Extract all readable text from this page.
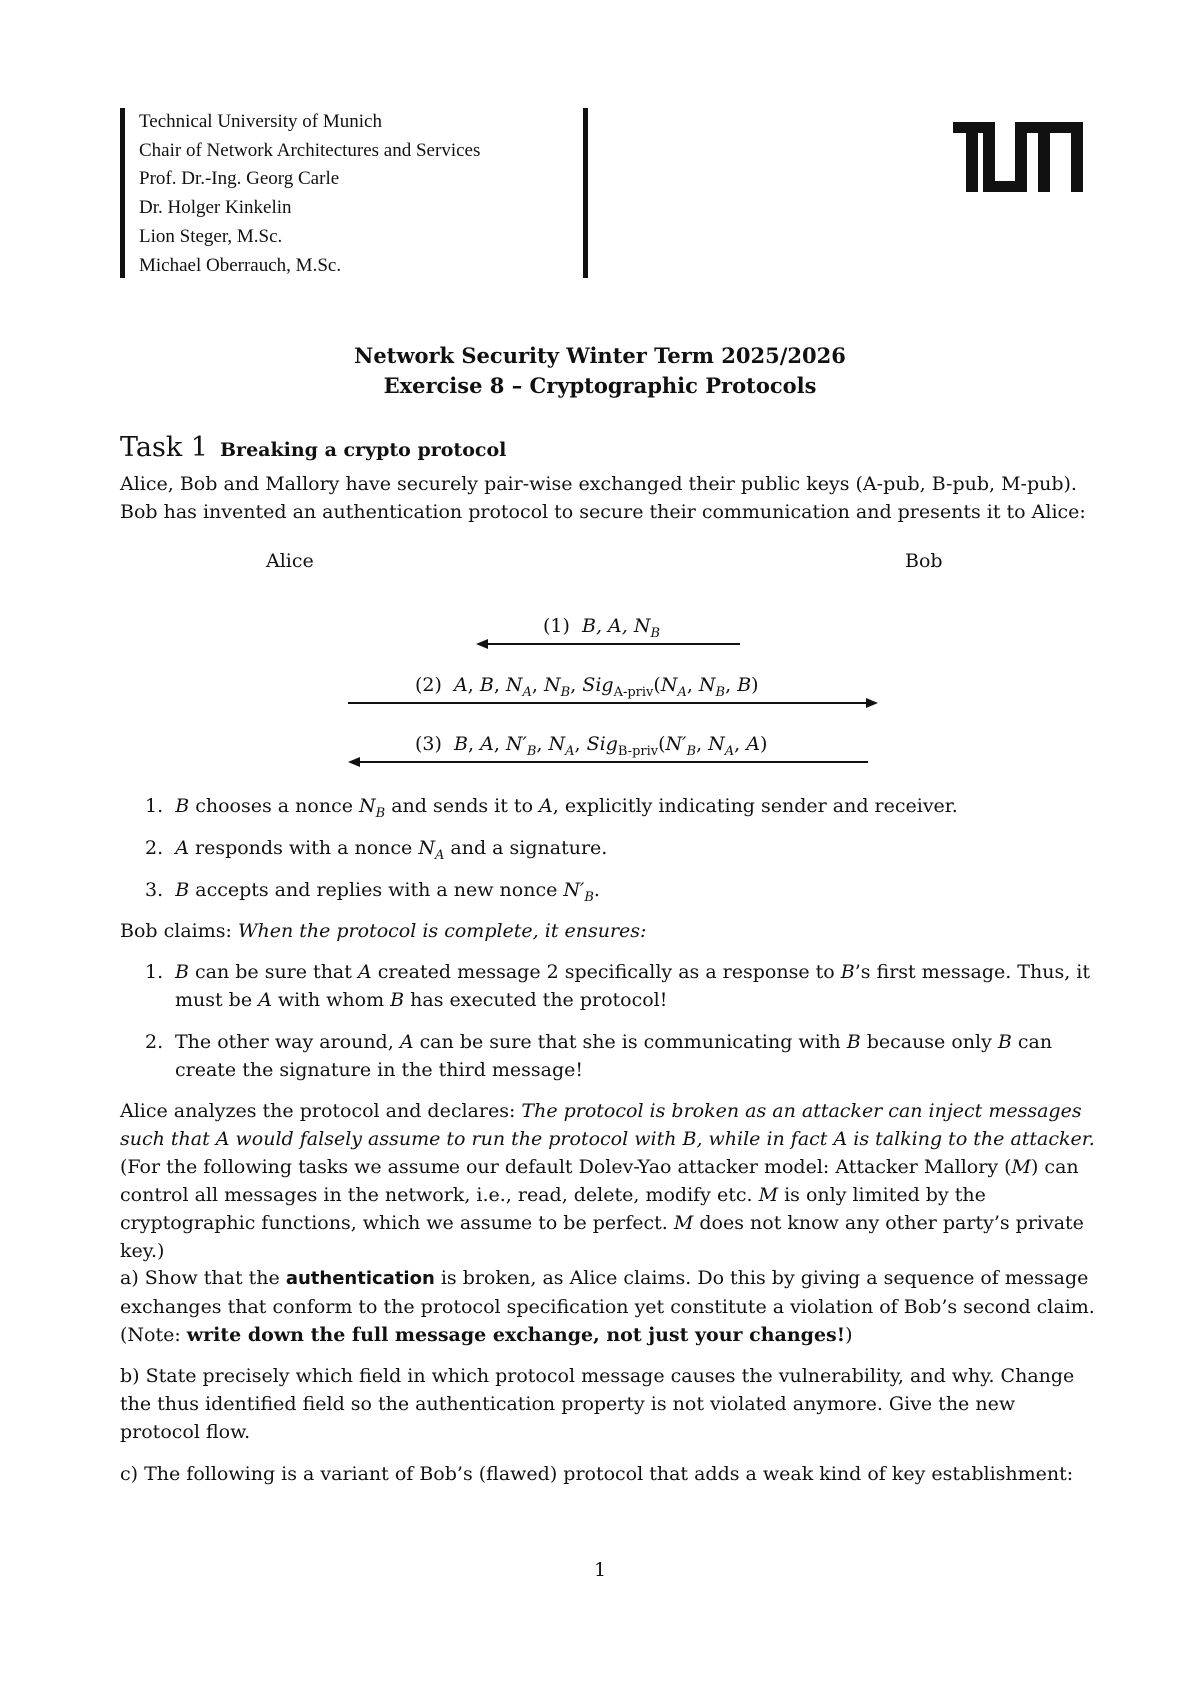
Technical University of Munich
Chair of Network Architectures and Services
Prof. Dr.-Ing. Georg Carle
Dr. Holger Kinkelin
Lion Steger, M.Sc.
Michael Oberrauch, M.Sc.
Network Security Winter Term 2025/2026
Exercise 8 – Cryptographic Protocols
Task 1 Breaking a crypto protocol
Alice, Bob and Mallory have securely pair-wise exchanged their public keys (A-pub, B-pub, M-pub). Bob has invented an authentication protocol to secure their communication and presents it to Alice:
Alice	Bob
(1) B, A, $N_B$
(2) A, B, $N_A$, $N_B$, $Sig_{A-priv}(N_A$, $N_B$, B)
(3) B, A, $N'_B$, $N_A$, $Sig_{B-priv}(N'_B$, $N_A$, A)
1. B chooses a nonce $N_B$ and sends it to A, explicitly indicating sender and receiver.
2. A responds with a nonce $N_A$ and a signature.
3. B accepts and replies with a new nonce $N'_B$.
Bob claims: When the protocol is complete, it ensures:
1. B can be sure that A created message 2 specifically as a response to B’s first message. Thus, it must be A with whom B has executed the protocol!
2. The other way around, A can be sure that she is communicating with B because only B can create the signature in the third message!
Alice analyzes the protocol and declares: The protocol is broken as an attacker can inject messages such that A would falsely assume to run the protocol with B, while in fact A is talking to the attacker. (For the following tasks we assume our default Dolev-Yao attacker model: Attacker Mallory (M) can control all messages in the network, i.e., read, delete, modify etc. M is only limited by the cryptographic functions, which we assume to be perfect. M does not know any other party’s private key.)
a) Show that the authentication is broken, as Alice claims. Do this by giving a sequence of message exchanges that conform to the protocol specification yet constitute a violation of Bob’s second claim. (Note: write down the full message exchange, not just your changes!)
b) State precisely which field in which protocol message causes the vulnerability, and why. Change the thus identified field so the authentication property is not violated anymore. Give the new protocol flow.
c) The following is a variant of Bob’s (flawed) protocol that adds a weak kind of key establishment:
1
